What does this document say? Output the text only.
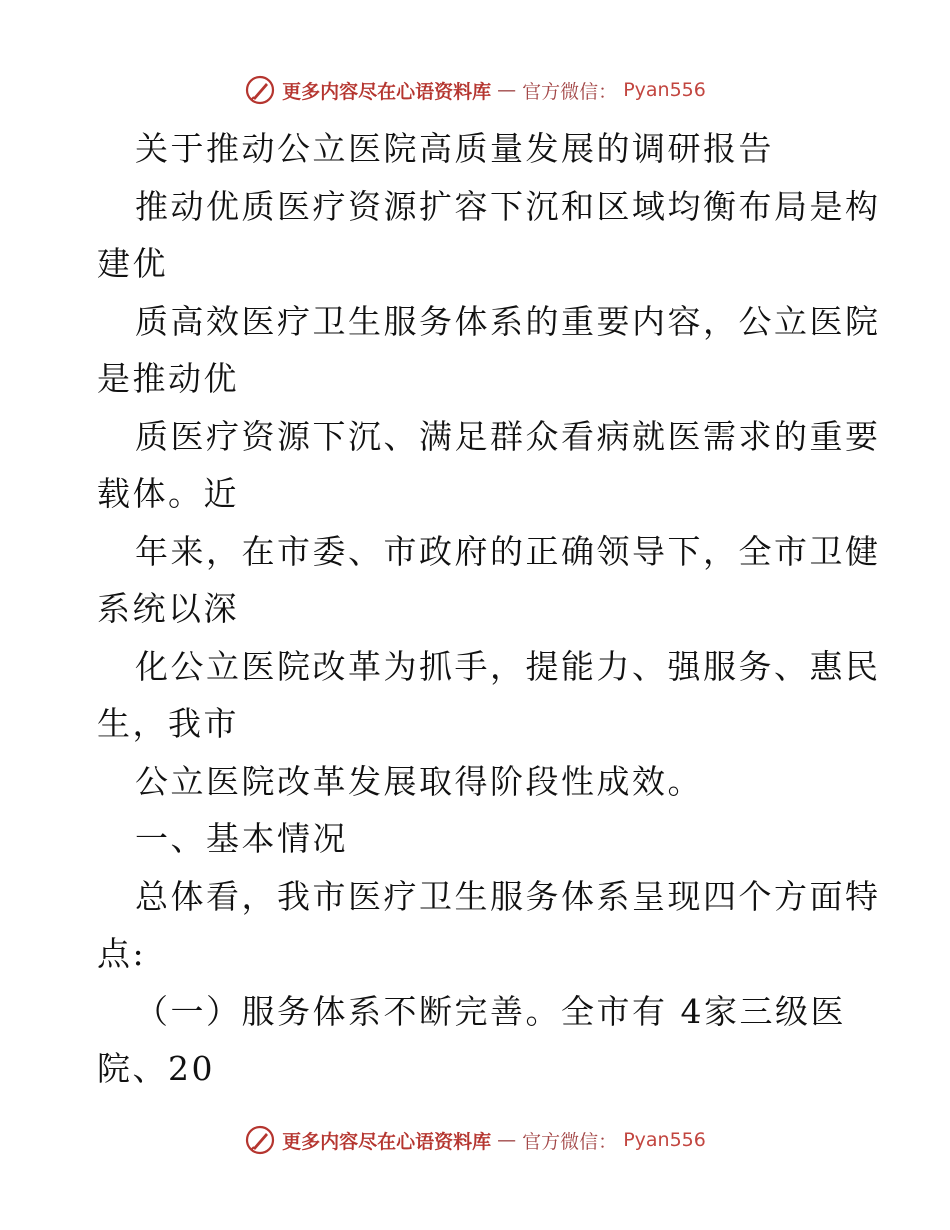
更多内容尽在心语资料库 — 官方微信： Pyan556
关于推动公立医院高质量发展的调研报告
推动优质医疗资源扩容下沉和区域均衡布局是构
建优
质高效医疗卫生服务体系的重要内容，公立医院
是推动优
质医疗资源下沉、满足群众看病就医需求的重要
载体。近
年来，在市委、市政府的正确领导下，全市卫健
系统以深
化公立医院改革为抓手，提能力、强服务、惠民
生，我市
公立医院改革发展取得阶段性成效。
一、基本情况
总体看，我市医疗卫生服务体系呈现四个方面特
点:
（一）服务体系不断完善。全市有 4家三级医
院、20
更多内容尽在心语资料库 — 官方微信： Pyan556
